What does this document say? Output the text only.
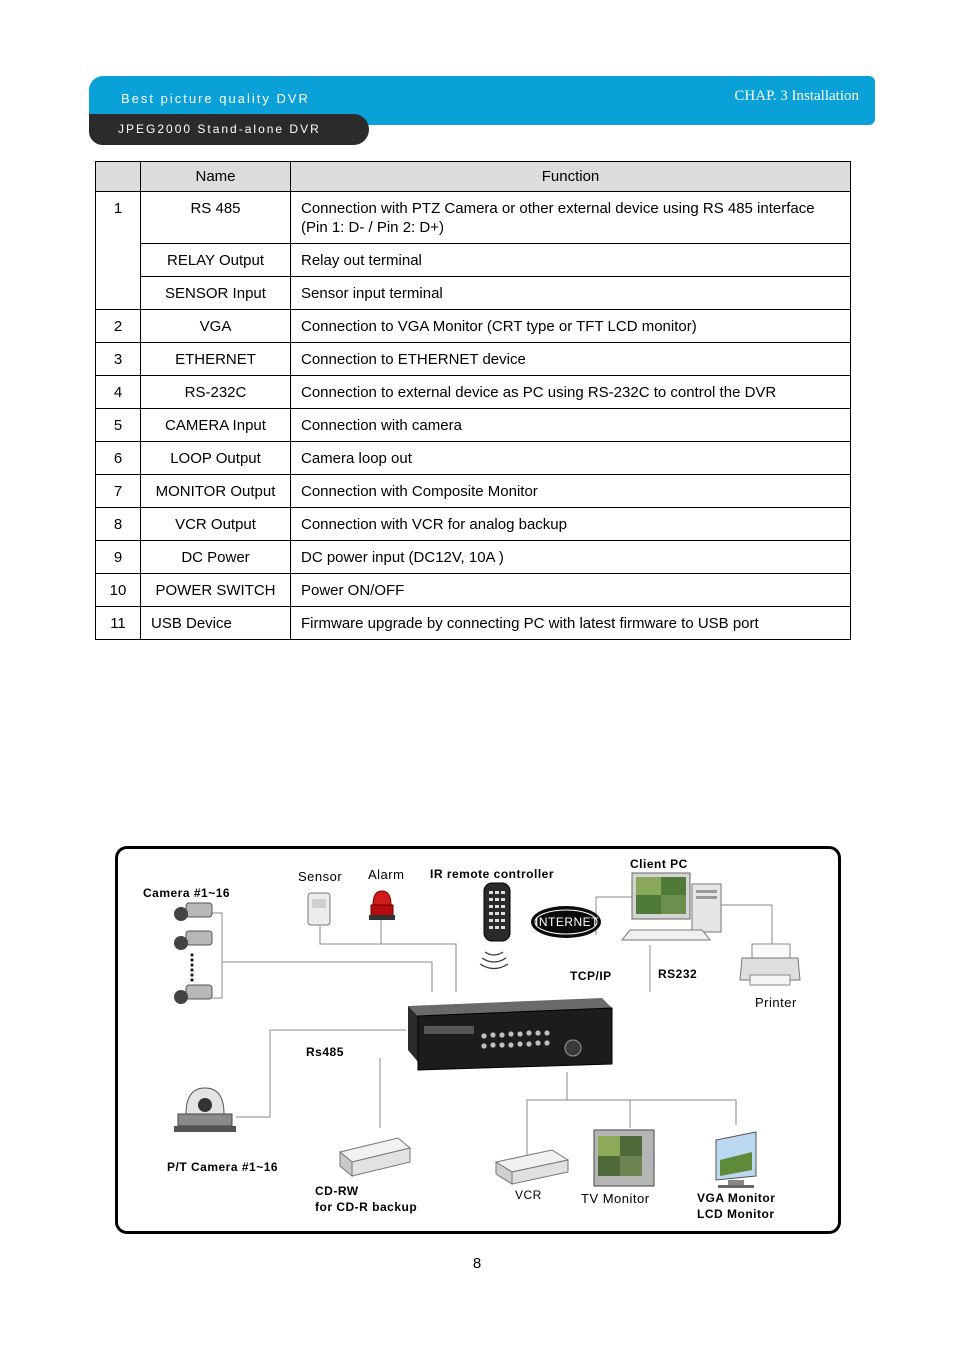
Best picture quality DVR	CHAP. 3 Installation
JPEG2000 Stand-alone DVR
	Name	Function
1	RS 485	Connection with PTZ Camera or other external device using RS 485 interface (Pin 1: D- / Pin 2: D+)
	RELAY Output	Relay out terminal
	SENSOR Input	Sensor input terminal
2	VGA	Connection to VGA Monitor (CRT type or TFT LCD monitor)
3	ETHERNET	Connection to ETHERNET device
4	RS-232C	Connection to external device as PC using RS-232C to control the DVR
5	CAMERA Input	Connection with camera
6	LOOP Output	Camera loop out
7	MONITOR Output	Connection with Composite Monitor
8	VCR Output	Connection with VCR for analog backup
9	DC Power	DC power input (DC12V, 10A )
10	POWER SWITCH	Power ON/OFF
11	USB Device	Firmware upgrade by connecting PC with latest firmware to USB port
Camera #1~16
Sensor Alarm IR remote controller
Client PC
INTERNET
TCP/IP	RS232
Printer
Rs485
P/T Camera #1~16
CD-RW
for CD-R backup
VCR	TV Monitor	VGA Monitor
LCD Monitor
8
